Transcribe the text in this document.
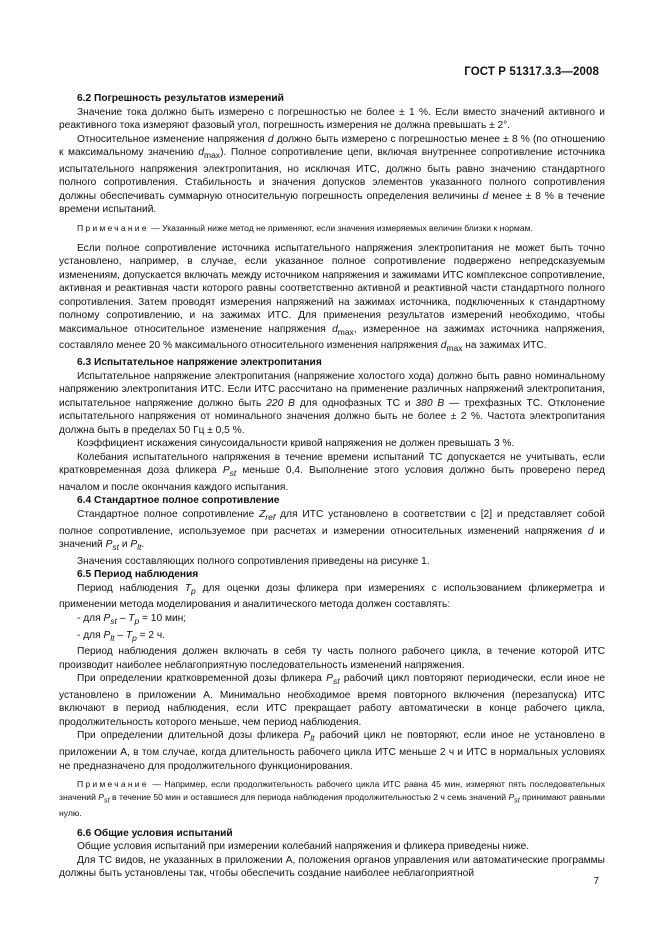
ГОСТ Р 51317.3.3—2008

6.2 Погрешность результатов измерений

Значение тока должно быть измерено с погрешностью не более ± 1 %. Если вместо значений активного и реактивного тока измеряют фазовый угол, погрешность измерения не должна превышать ± 2°.

Относительное изменение напряжения d должно быть измерено с погрешностью менее ± 8 % (по отношению к максимальному значению $d_{max}$). Полное сопротивление цепи, включая внутреннее сопротивление источника испытательного напряжения электропитания, но исключая ИТС, должно быть равно значению стандартного полного сопротивления. Стабильность и значения допусков элементов указанного полного сопротивления должны обеспечивать суммарную относительную погрешность определения величины d менее ± 8 % в течение времени испытаний.

Примечание — Указанный ниже метод не применяют, если значения измеряемых величин близки к нормам.

Если полное сопротивление источника испытательного напряжения электропитания не может быть точно установлено, например, в случае, если указанное полное сопротивление подвержено непредсказуемым изменениям, допускается включать между источником напряжения и зажимами ИТС комплексное сопротивление, активная и реактивная части которого равны соответственно активной и реактивной части стандартного полного сопротивления. Затем проводят измерения напряжений на зажимах источника, подключенных к стандартному полному сопротивлению, и на зажимах ИТС. Для применения результатов измерений необходимо, чтобы максимальное относительное изменение напряжения $d_{max}$, измеренное на зажимах источника напряжения, составляло менее 20 % максимального относительного изменения напряжения $d_{max}$ на зажимах ИТС.

6.3 Испытательное напряжение электропитания

Испытательное напряжение электропитания (напряжение холостого хода) должно быть равно номинальному напряжению электропитания ИТС. Если ИТС рассчитано на применение различных напряжений электропитания, испытательное напряжение должно быть 220 В для однофазных ТС и 380 В — трехфазных ТС. Отклонение испытательного напряжения от номинального значения должно быть не более ± 2 %. Частота электропитания должна быть в пределах 50 Гц ± 0,5 %.

Коэффициент искажения синусоидальности кривой напряжения не должен превышать 3 %.

Колебания испытательного напряжения в течение времени испытаний ТС допускается не учитывать, если кратковременная доза фликера $P_{st}$ меньше 0,4. Выполнение этого условия должно быть проверено перед началом и после окончания каждого испытания.

6.4 Стандартное полное сопротивление

Стандартное полное сопротивление $Z_{ref}$ для ИТС установлено в соответствии с [2] и представляет собой полное сопротивление, используемое при расчетах и измерении относительных изменений напряжения d и значений $P_{st}$ и $P_{lt}$.

Значения составляющих полного сопротивления приведены на рисунке 1.

6.5 Период наблюдения

Период наблюдения $T_p$ для оценки дозы фликера при измерениях с использованием фликерметра и применении метода моделирования и аналитического метода должен составлять:

- для $P_{st} - T_p = 10$ мин;

- для $P_{lt} - T_p = 2$ ч.

Период наблюдения должен включать в себя ту часть полного рабочего цикла, в течение которой ИТС производит наиболее неблагоприятную последовательность изменений напряжения.

При определении кратковременной дозы фликера $P_{st}$ рабочий цикл повторяют периодически, если иное не установлено в приложении А. Минимально необходимое время повторного включения (перезапуска) ИТС включают в период наблюдения, если ИТС прекращает работу автоматически в конце рабочего цикла, продолжительность которого меньше, чем период наблюдения.

При определении длительной дозы фликера $P_{lt}$ рабочий цикл не повторяют, если иное не установлено в приложении А, в том случае, когда длительность рабочего цикла ИТС меньше 2 ч и ИТС в нормальных условиях не предназначено для продолжительного функционирования.

Примечание — Например, если продолжительность рабочего цикла ИТС равна 45 мин, измеряют пять последовательных значений $P_{st}$ в течение 50 мин и оставшиеся для периода наблюдения продолжительностью 2 ч семь значений $P_{st}$ принимают равными нулю.

6.6 Общие условия испытаний

Общие условия испытаний при измерении колебаний напряжения и фликера приведены ниже.

Для ТС видов, не указанных в приложении А, положения органов управления или автоматические программы должны быть установлены так, чтобы обеспечить создание наиболее неблагоприятной

7
